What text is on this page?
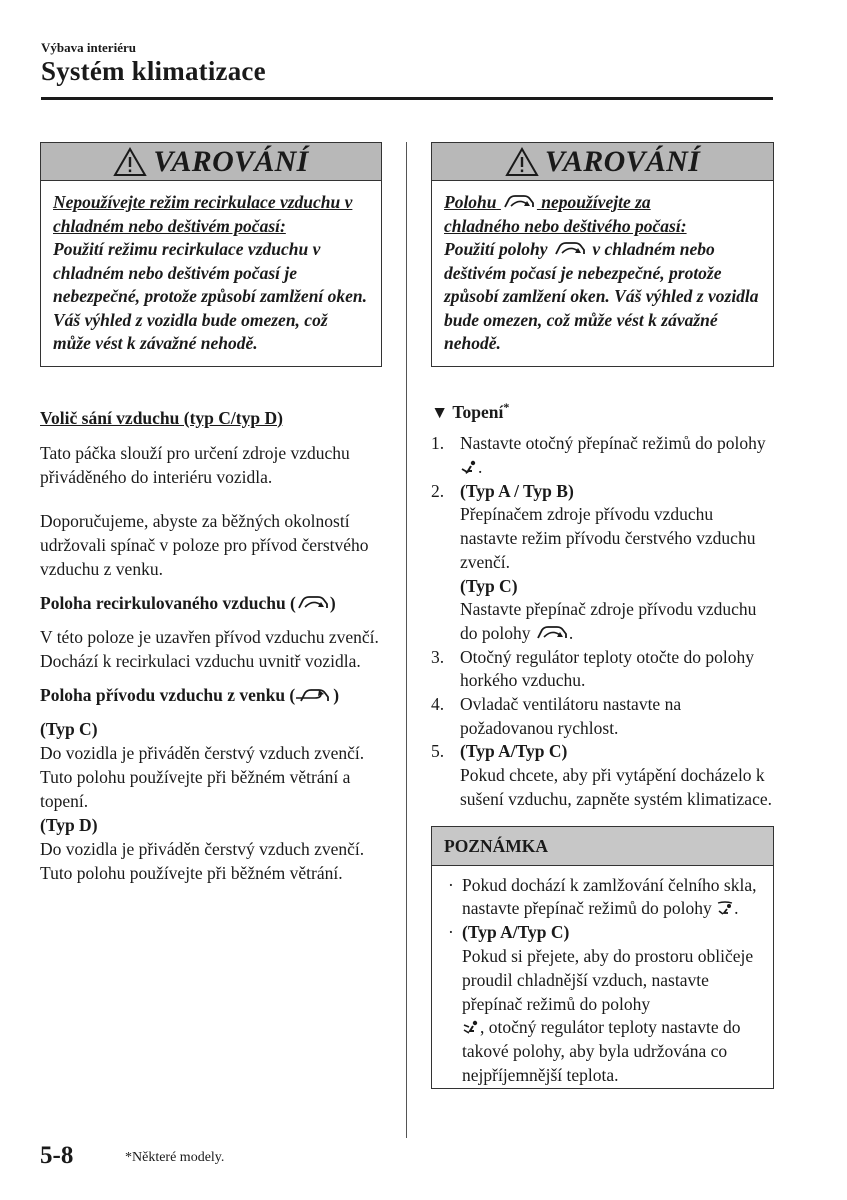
Výbava interiéru
Systém klimatizace
VAROVÁNÍ
Nepoužívejte režim recirkulace vzduchu v chladném nebo deštivém počasí:
Použití režimu recirkulace vzduchu v chladném nebo deštivém počasí je nebezpečné, protože způsobí zamlžení oken. Váš výhled z vozidla bude omezen, což může vést k závažné nehodě.

Volič sání vzduchu (typ C/typ D)

Tato páčka slouží pro určení zdroje vzduchu přiváděného do interiéru vozidla.

Doporučujeme, abyste za běžných okolností udržovali spínač v poloze pro přívod čerstvého vzduchu z venku.

Poloha recirkulovaného vzduchu ( )

V této poloze je uzavřen přívod vzduchu zvenčí. Dochází k recirkulaci vzduchu uvnitř vozidla.

Poloha přívodu vzduchu z venku ( )

(Typ C)

Do vozidla je přiváděn čerstvý vzduch zvenčí. Tuto polohu používejte při běžném větrání a topení.

(Typ D)

Do vozidla je přiváděn čerstvý vzduch zvenčí. Tuto polohu používejte při běžném větrání.

VAROVÁNÍ
Polohu	nepoužívejte za
chladného nebo deštivého počasí:
Použití polohy	v chladném nebo
deštivém počasí je nebezpečné, protože způsobí zamlžení oken. Váš výhled z vozidla bude omezen, což může vést k závažné nehodě.

▼ Topení*

1. Nastavte otočný přepínač režimů do polohy .
2. (Typ A / Typ B)
Přepínačem zdroje přívodu vzduchu nastavte režim přívodu čerstvého vzduchu zvenčí.
(Typ C)
Nastavte přepínač zdroje přívodu vzduchu do polohy .
3. Otočný regulátor teploty otočte do polohy horkého vzduchu.
4. Ovladač ventilátoru nastavte na požadovanou rychlost.
5. (Typ A/Typ C)
Pokud chcete, aby při vytápění docházelo k sušení vzduchu, zapněte systém klimatizace.
POZNÁMKA
· Pokud dochází k zamlžování čelního skla, nastavte přepínač režimů do polohy .
· (Typ A/Typ C)
Pokud si přejete, aby do prostoru obličeje proudil chladnější vzduch, nastavte přepínač režimů do polohy
, otočný regulátor teploty nastavte do takové polohy, aby byla udržována co nejpříjemnější teplota.
5-8	*Některé modely.
